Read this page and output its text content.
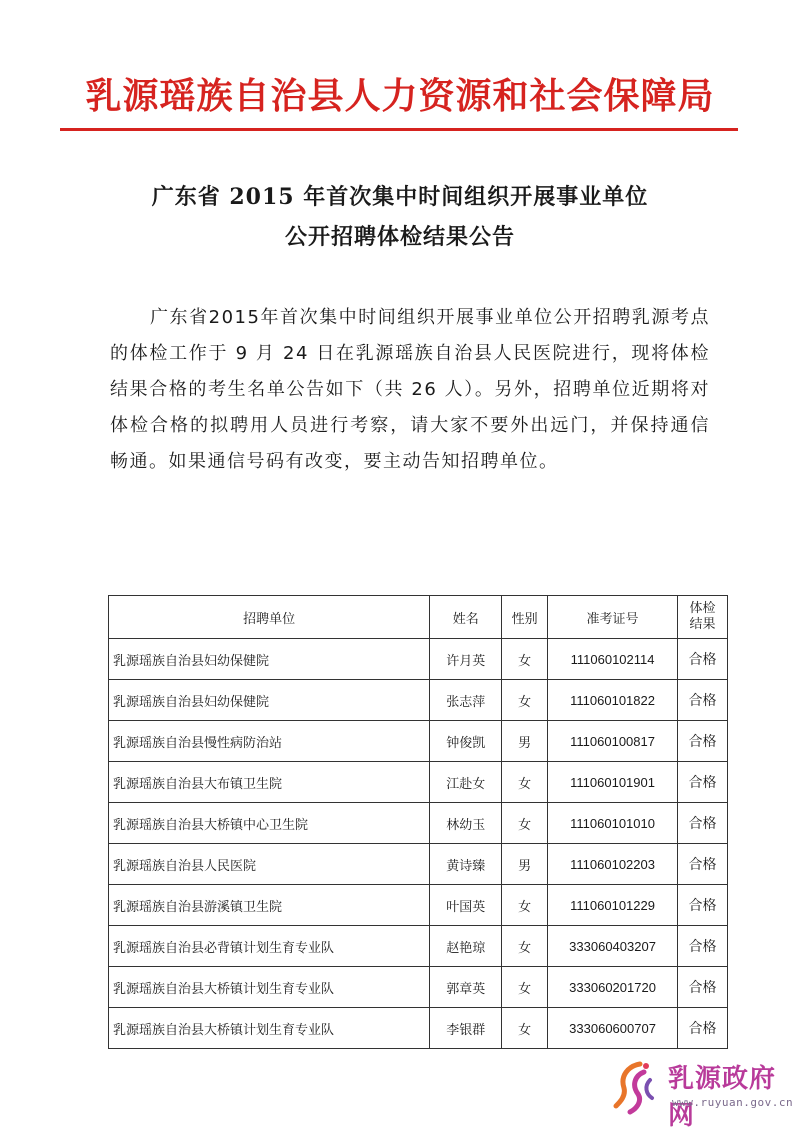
乳源瑶族自治县人力资源和社会保障局
广东省 2015 年首次集中时间组织开展事业单位
公开招聘体检结果公告
广东省2015年首次集中时间组织开展事业单位公开招聘乳源考点的体检工作于 9 月 24 日在乳源瑶族自治县人民医院进行，现将体检结果合格的考生名单公告如下（共 26 人）。另外，招聘单位近期将对体检合格的拟聘用人员进行考察，请大家不要外出远门，并保持通信畅通。如果通信号码有改变，要主动告知招聘单位。
招聘单位	姓名	性别	准考证号	体检
结果
乳源瑶族自治县妇幼保健院	许月英	女	111060102114	合格
乳源瑶族自治县妇幼保健院	张志萍	女	111060101822	合格
乳源瑶族自治县慢性病防治站	钟俊凯	男	111060100817	合格
乳源瑶族自治县大布镇卫生院	江赴女	女	111060101901	合格
乳源瑶族自治县大桥镇中心卫生院	林幼玉	女	111060101010	合格
乳源瑶族自治县人民医院	黄诗臻	男	111060102203	合格
乳源瑶族自治县游溪镇卫生院	叶国英	女	111060101229	合格
乳源瑶族自治县必背镇计划生育专业队	赵艳琼	女	333060403207	合格
乳源瑶族自治县大桥镇计划生育专业队	郭章英	女	333060201720	合格
乳源瑶族自治县大桥镇计划生育专业队	李银群	女	333060600707	合格
乳源政府网
www.ruyuan.gov.cn
